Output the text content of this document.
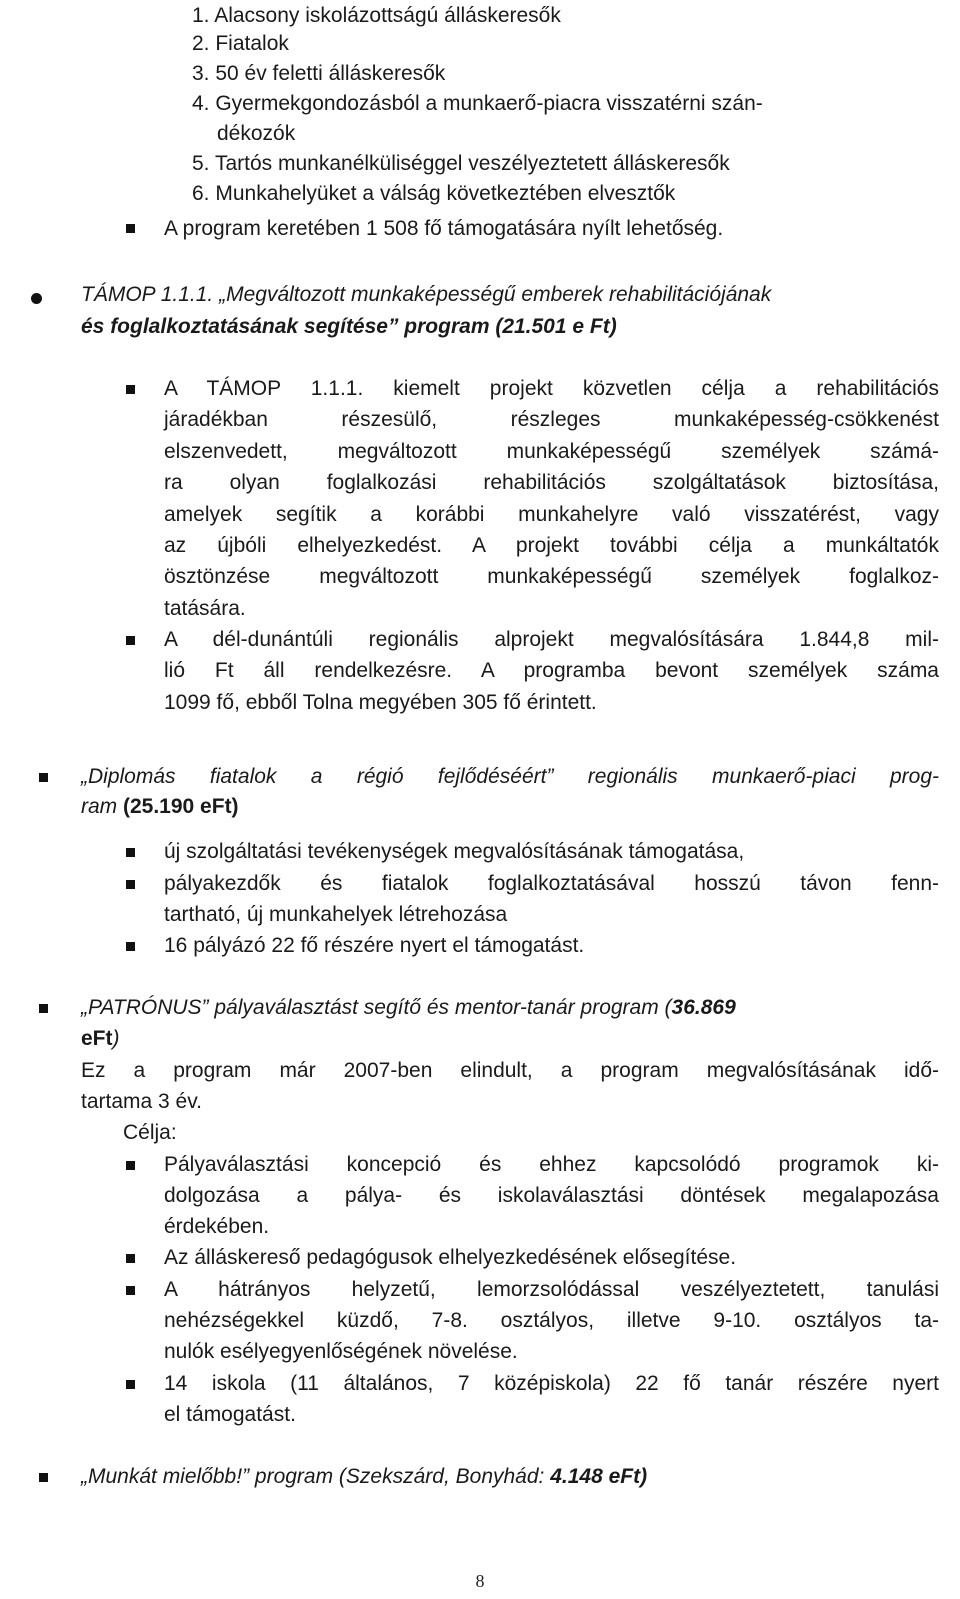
1. Alacsony iskolázottságú álláskeresők
2. Fiatalok
3. 50 év feletti álláskeresők
4. Gyermekgondozásból a munkaerő-piacra visszatérni szán-
dékozók
5. Tartós munkanélküliséggel veszélyeztetett álláskeresők
6. Munkahelyüket a válság következtében elvesztők
A program keretében 1 508 fő támogatására nyílt lehetőség.
TÁMOP 1.1.1. „Megváltozott munkaképességű emberek rehabilitációjának
és foglalkoztatásának segítése” program (21.501 e Ft)
A TÁMOP 1.1.1. kiemelt projekt közvetlen célja a rehabilitációs
járadékban részesülő, részleges munkaképesség-csökkenést
elszenvedett, megváltozott munkaképességű személyek számá-
ra olyan foglalkozási rehabilitációs szolgáltatások biztosítása,
amelyek segítik a korábbi munkahelyre való visszatérést, vagy
az újbóli elhelyezkedést. A projekt további célja a munkáltatók
ösztönzése megváltozott munkaképességű személyek foglalkoz-
tatására.
A dél-dunántúli regionális alprojekt megvalósítására 1.844,8 mil-
lió Ft áll rendelkezésre. A programba bevont személyek száma
1099 fő, ebből Tolna megyében 305 fő érintett.
„Diplomás fiatalok a régió fejlődéséért” regionális munkaerő-piaci prog-
ram (25.190 eFt)
új szolgáltatási tevékenységek megvalósításának támogatása,
pályakezdők és fiatalok foglalkoztatásával hosszú távon fenn-
tartható, új munkahelyek létrehozása
16 pályázó 22 fő részére nyert el támogatást.
„PATRÓNUS” pályaválasztást segítő és mentor-tanár program (36.869
eFt)
Ez a program már 2007-ben elindult, a program megvalósításának idő-
tartama 3 év.
Célja:
Pályaválasztási koncepció és ehhez kapcsolódó programok ki-
dolgozása a pálya- és iskolaválasztási döntések megalapozása
érdekében.
Az álláskereső pedagógusok elhelyezkedésének elősegítése.
A hátrányos helyzetű, lemorzsolódással veszélyeztetett, tanulási
nehézségekkel küzdő, 7-8. osztályos, illetve 9-10. osztályos ta-
nulók esélyegyenlőségének növelése.
14 iskola (11 általános, 7 középiskola) 22 fő tanár részére nyert
el támogatást.
„Munkát mielőbb!” program (Szekszárd, Bonyhád: 4.148 eFt)
8
